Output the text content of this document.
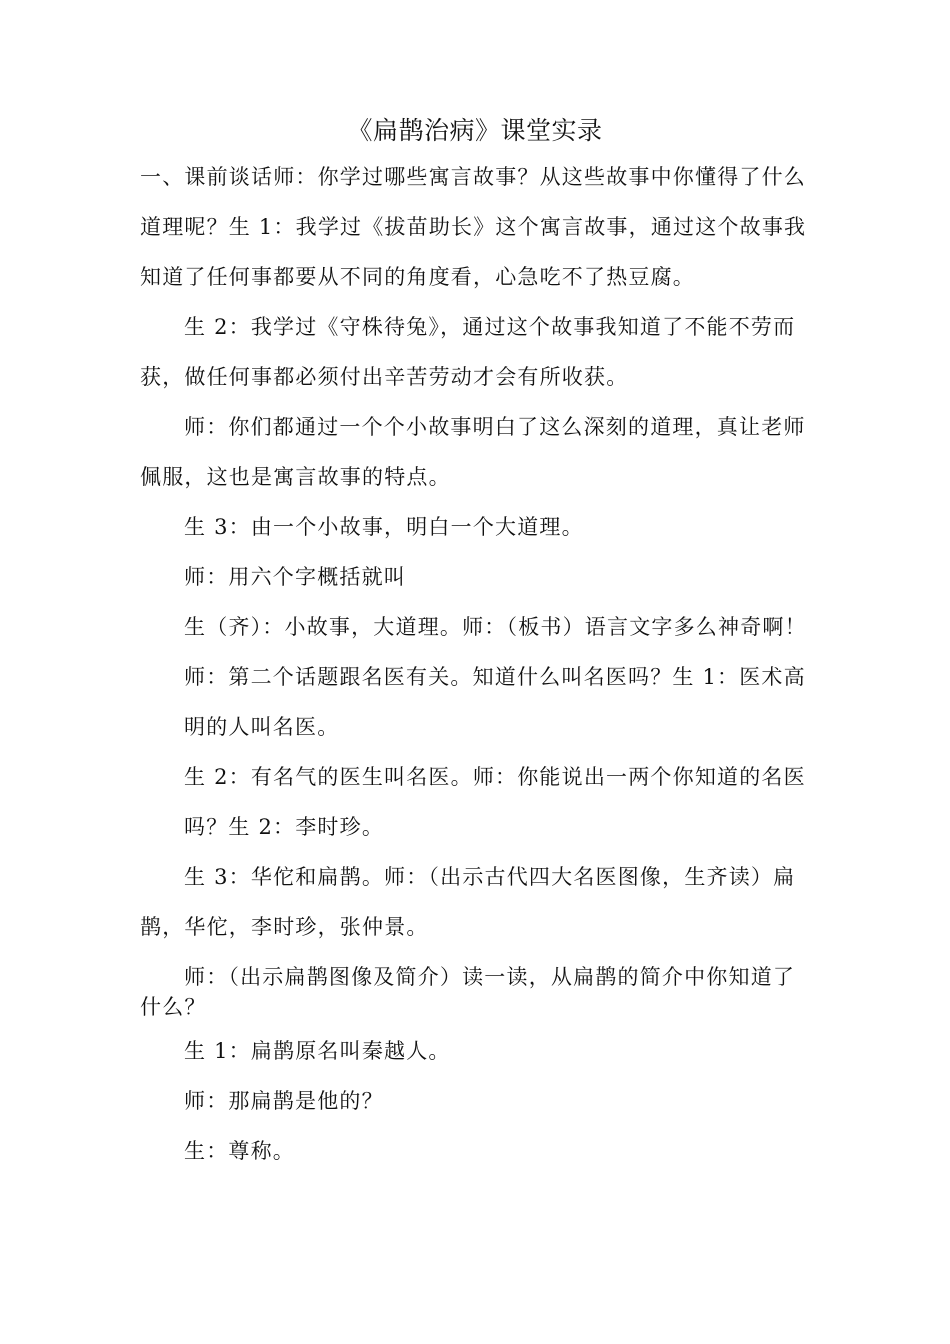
《扁鹊治病》课堂实录
一、课前谈话师：你学过哪些寓言故事？从这些故事中你懂得了什么
道理呢？生 1：我学过《拔苗助长》这个寓言故事，通过这个故事我
知道了任何事都要从不同的角度看，心急吃不了热豆腐。
生 2：我学过《守株待兔》，通过这个故事我知道了不能不劳而
获，做任何事都必须付出辛苦劳动才会有所收获。
师：你们都通过一个个小故事明白了这么深刻的道理，真让老师
佩服，这也是寓言故事的特点。
生 3：由一个小故事，明白一个大道理。
师：用六个字概括就叫
生（齐）：小故事，大道理。师：（板书）语言文字多么神奇啊！
师：第二个话题跟名医有关。知道什么叫名医吗？生 1：医术高
明的人叫名医。
生 2：有名气的医生叫名医。师：你能说出一两个你知道的名医
吗？生 2：李时珍。
生 3：华佗和扁鹊。师：（出示古代四大名医图像，生齐读）扁
鹊，华佗，李时珍，张仲景。
师：（出示扁鹊图像及简介）读一读，从扁鹊的简介中你知道了
什么？
生 1：扁鹊原名叫秦越人。
师：那扁鹊是他的？
生：尊称。
